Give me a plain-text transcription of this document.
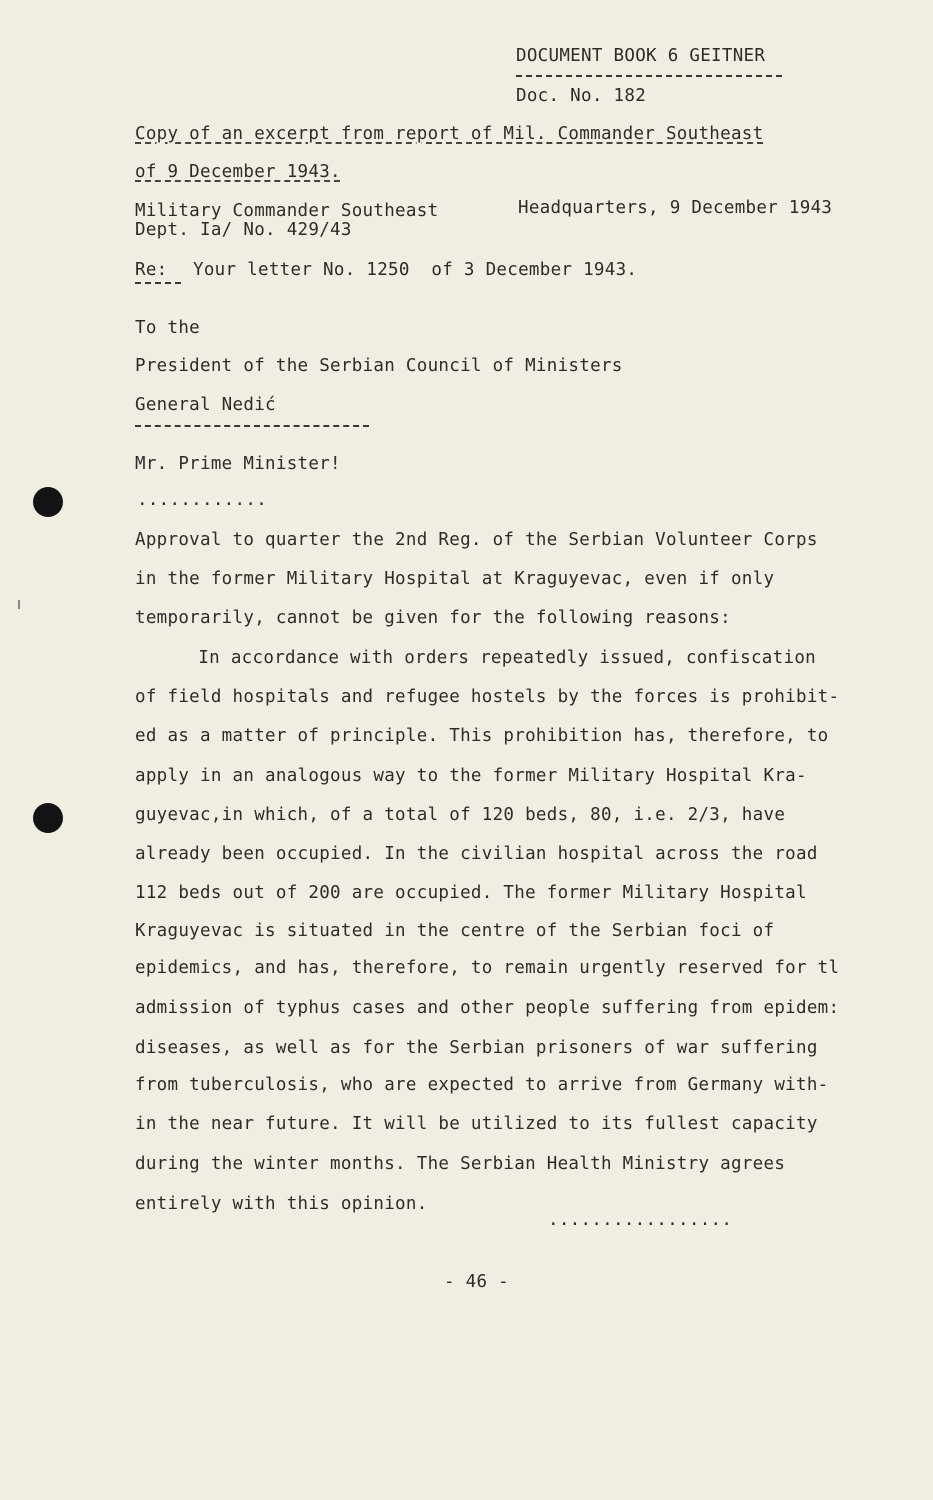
DOCUMENT BOOK 6 GEITNER
Doc. No. 182
Copy of an excerpt from report of Mil. Commander Southeast
of 9 December 1943.
Military Commander Southeast
Dept. Ia/ No. 429/43
Headquarters, 9 December 1943
Re: Your letter No. 1250  of 3 December 1943.
To the
President of the Serbian Council of Ministers
General Nedić
Mr. Prime Minister!
............
Approval to quarter the 2nd Reg. of the Serbian Volunteer Corps
in the former Military Hospital at Kraguyevac, even if only
temporarily, cannot be given for the following reasons:
In accordance with orders repeatedly issued, confiscation
of field hospitals and refugee hostels by the forces is prohibit-
ed as a matter of principle. This prohibition has, therefore, to
apply in an analogous way to the former Military Hospital Kra-
guyevac,in which, of a total of 120 beds, 80, i.e. 2/3, have
already been occupied. In the civilian hospital across the road
112 beds out of 200 are occupied. The former Military Hospital
Kraguyevac is situated in the centre of the Serbian foci of
epidemics, and has, therefore, to remain urgently reserved for tl
admission of typhus cases and other people suffering from epidem:
diseases, as well as for the Serbian prisoners of war suffering
from tuberculosis, who are expected to arrive from Germany with-
in the near future. It will be utilized to its fullest capacity
during the winter months. The Serbian Health Ministry agrees
entirely with this opinion.
.................
- 46 -
